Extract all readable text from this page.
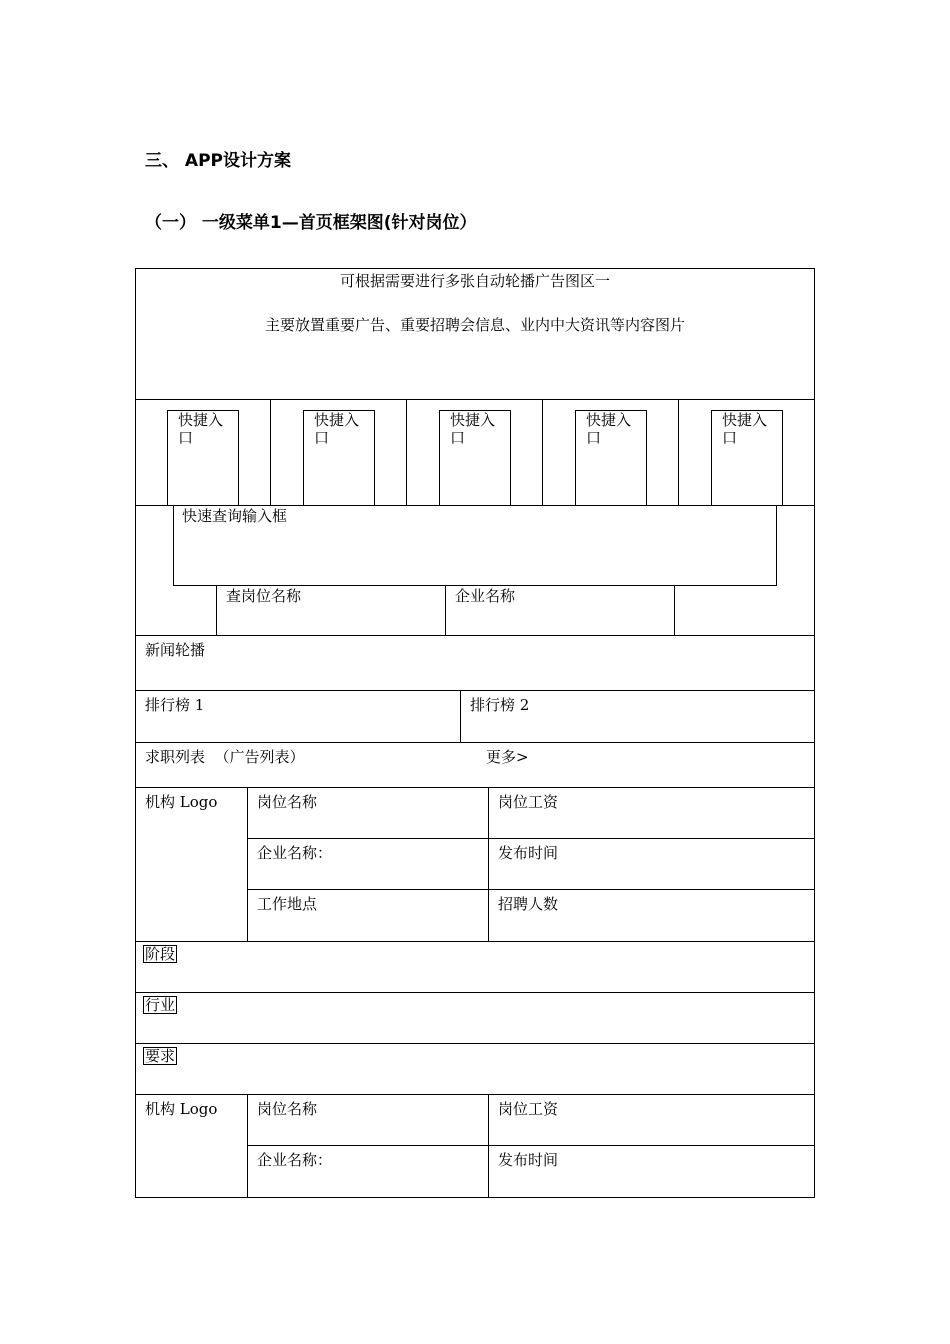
三、 APP设计方案
（一） 一级菜单1—首页框架图(针对岗位）
可根据需要进行多张自动轮播广告图区一
主要放置重要广告、重要招聘会信息、业内中大资讯等内容图片
快捷入口
快捷入口
快捷入口
快捷入口
快捷入口
快速查询输入框
查岗位名称	企业名称
新闻轮播
排行榜 1	排行榜 2
求职列表  （广告列表）	更多>
机构 Logo	岗位名称	岗位工资
企业名称：	发布时间
工作地点	招聘人数
阶段
行业
要求
机构 Logo	岗位名称	岗位工资
企业名称：	发布时间
